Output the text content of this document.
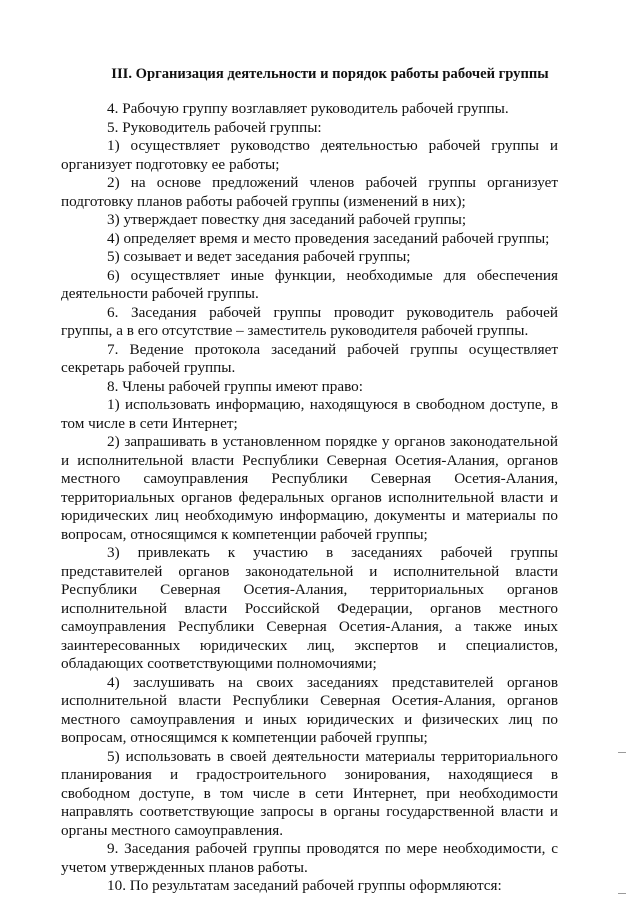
III. Организация деятельности и порядок работы рабочей группы

4. Рабочую группу возглавляет руководитель рабочей группы.

5. Руководитель рабочей группы:

1) осуществляет руководство деятельностью рабочей группы и организует подготовку ее работы;

2) на основе предложений членов рабочей группы организует подготовку планов работы рабочей группы (изменений в них);

3) утверждает повестку дня заседаний рабочей группы;

4) определяет время и место проведения заседаний рабочей группы;

5) созывает и ведет заседания рабочей группы;

6) осуществляет иные функции, необходимые для обеспечения деятельности рабочей группы.

6. Заседания рабочей группы проводит руководитель рабочей группы, а в его отсутствие – заместитель руководителя рабочей группы.

7. Ведение протокола заседаний рабочей группы осуществляет секретарь рабочей группы.

8. Члены рабочей группы имеют право:

1) использовать информацию, находящуюся в свободном доступе, в том числе в сети Интернет;

2) запрашивать в установленном порядке у органов законодательной и исполнительной власти Республики Северная Осетия-Алания, органов местного самоуправления Республики Северная Осетия-Алания, территориальных органов федеральных органов исполнительной власти и юридических лиц необходимую информацию, документы и материалы по вопросам, относящимся к компетенции рабочей группы;

3) привлекать к участию в заседаниях рабочей группы представителей органов законодательной и исполнительной власти Республики Северная Осетия-Алания, территориальных органов исполнительной власти Российской Федерации, органов местного самоуправления Республики Северная Осетия-Алания, а также иных заинтересованных юридических лиц, экспертов и специалистов, обладающих соответствующими полномочиями;

4) заслушивать на своих заседаниях представителей органов исполнительной власти Республики Северная Осетия-Алания, органов местного самоуправления и иных юридических и физических лиц по вопросам, относящимся к компетенции рабочей группы;

5) использовать в своей деятельности материалы территориального планирования и градостроительного зонирования, находящиеся в свободном доступе, в том числе в сети Интернет, при необходимости направлять соответствующие запросы в органы государственной власти и органы местного самоуправления.

9. Заседания рабочей группы проводятся по мере необходимости, с учетом утвержденных планов работы.

10. По результатам заседаний рабочей группы оформляются:
